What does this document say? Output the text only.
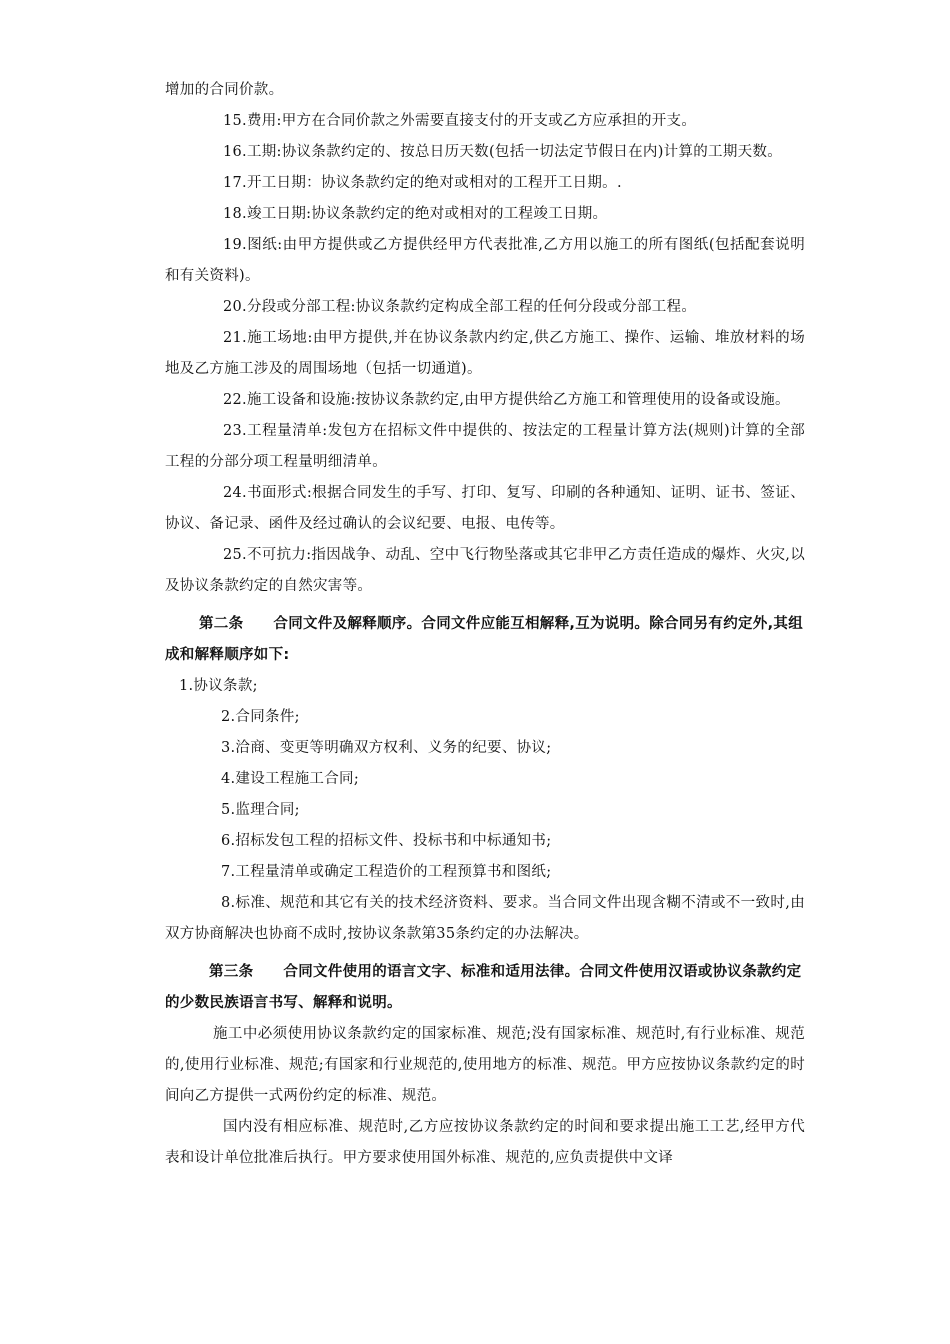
增加的合同价款。

15.费用:甲方在合同价款之外需要直接支付的开支或乙方应承担的开支。

16.工期:协议条款约定的、按总日历天数(包括一切法定节假日在内)计算的工期天数。

17.开工日期：协议条款约定的绝对或相对的工程开工日期。.

18.竣工日期:协议条款约定的绝对或相对的工程竣工日期。

19.图纸:由甲方提供或乙方提供经甲方代表批准,乙方用以施工的所有图纸(包括配套说明和有关资料)。

20.分段或分部工程:协议条款约定构成全部工程的任何分段或分部工程。

21.施工场地:由甲方提供,并在协议条款内约定,供乙方施工、操作、运输、堆放材料的场地及乙方施工涉及的周围场地（包括一切通道)。

22.施工设备和设施:按协议条款约定,由甲方提供给乙方施工和管理使用的设备或设施。

23.工程量清单:发包方在招标文件中提供的、按法定的工程量计算方法(规则)计算的全部工程的分部分项工程量明细清单。

24.书面形式:根据合同发生的手写、打印、复写、印刷的各种通知、证明、证书、签证、协议、备记录、函件及经过确认的会议纪要、电报、电传等。

25.不可抗力:指因战争、动乱、空中飞行物坠落或其它非甲乙方责任造成的爆炸、火灾,以及协议条款约定的自然灾害等。

第二条 合同文件及解释顺序。合同文件应能互相解释,互为说明。除合同另有约定外,其组成和解释顺序如下:

1.协议条款;

2.合同条件;

3.洽商、变更等明确双方权利、义务的纪要、协议;

4.建设工程施工合同;

5.监理合同;

6.招标发包工程的招标文件、投标书和中标通知书;

7.工程量清单或确定工程造价的工程预算书和图纸;

8.标准、规范和其它有关的技术经济资料、要求。当合同文件出现含糊不清或不一致时,由双方协商解决也协商不成时,按协议条款第35条约定的办法解决。

第三条 合同文件使用的语言文字、标准和适用法律。合同文件使用汉语或协议条款约定的少数民族语言书写、解释和说明。

施工中必须使用协议条款约定的国家标准、规范;没有国家标准、规范时,有行业标准、规范的,使用行业标准、规范;有国家和行业规范的,使用地方的标准、规范。甲方应按协议条款约定的时间向乙方提供一式两份约定的标准、规范。

国内没有相应标准、规范时,乙方应按协议条款约定的时间和要求提出施工工艺,经甲方代表和设计单位批准后执行。甲方要求使用国外标准、规范的,应负责提供中文译
